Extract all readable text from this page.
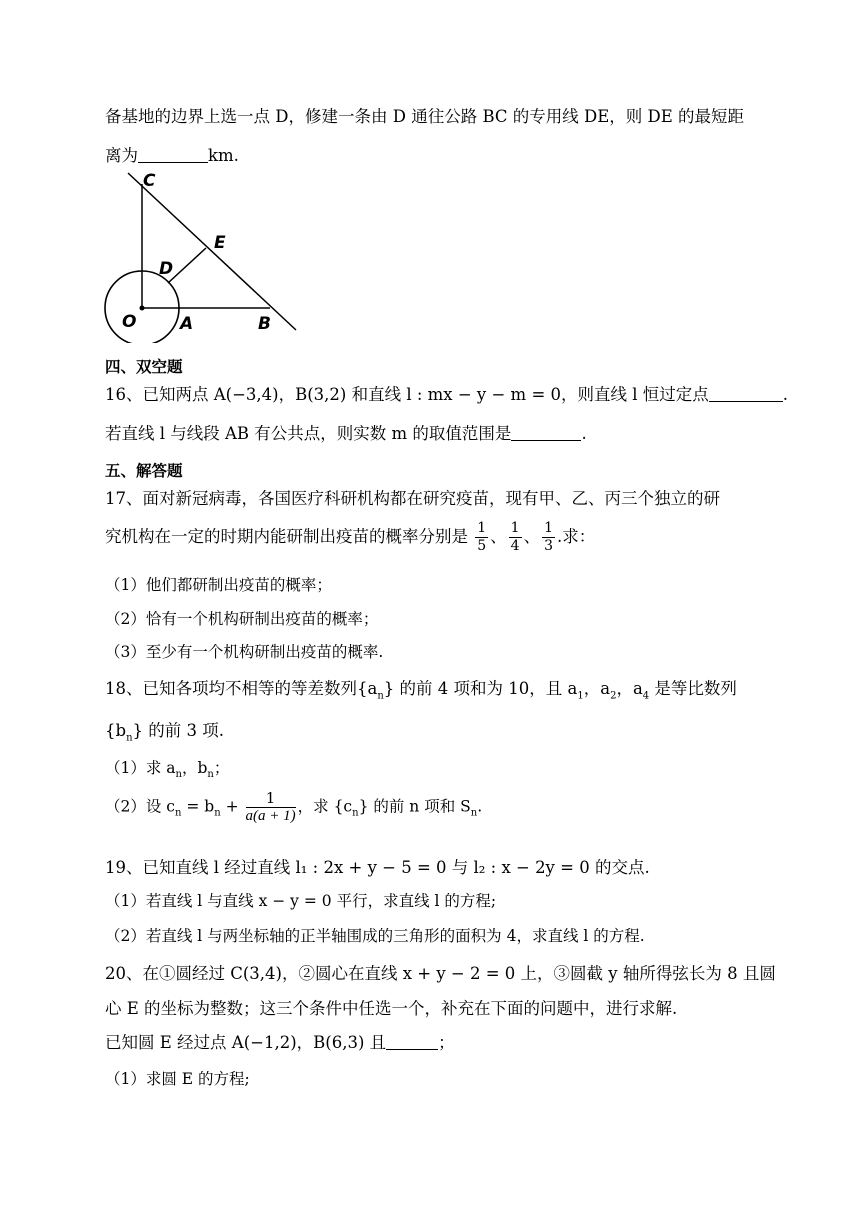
备基地的边界上选一点 D，修建一条由 D 通往公路 BC 的专用线 DE，则 DE 的最短距
离为	km.
C
E
D
O	A	B
四、双空题
16、已知两点 A(−3,4)，B(3,2) 和直线 l : mx − y − m = 0，则直线 l 恒过定点	.
若直线 l 与线段 AB 有公共点，则实数 m 的取值范围是	.
五、解答题
17、面对新冠病毒，各国医疗科研机构都在研究疫苗，现有甲、乙、丙三个独立的研
究机构在一定的时期内能研制出疫苗的概率分别是 $\frac{1}{5}$ 、 $\frac{1}{4}$ 、 $\frac{1}{3}$ .求：
（1）他们都研制出疫苗的概率；
（2）恰有一个机构研制出疫苗的概率；
（3）至少有一个机构研制出疫苗的概率.
18、已知各项均不相等的等差数列$\{a_n\}$ 的前 4 项和为 10，且 $a_1$，$a_2$，$a_4$ 是等比数列
$\{b_n\}$ 的前 3 项.
（1）求 $a_n$，$b_n$；
（2）设 $c_n = b_n + \frac{1}{a(a + 1)}$ ，求 $\{c_n\}$ 的前 n 项和 $S_n$.
19、已知直线 l 经过直线 l₁ : 2x + y − 5 = 0 与 l₂ : x − 2y = 0 的交点.
（1）若直线 l 与直线 x − y = 0 平行，求直线 l 的方程;
（2）若直线 l 与两坐标轴的正半轴围成的三角形的面积为 4，求直线 l 的方程.
20、在①圆经过 C(3,4)，②圆心在直线 x + y − 2 = 0 上，③圆截 y 轴所得弦长为 8 且圆
心 E 的坐标为整数；这三个条件中任选一个，补充在下面的问题中，进行求解.
已知圆 E 经过点 A(−1,2)，B(6,3) 且	；
（1）求圆 E 的方程;
